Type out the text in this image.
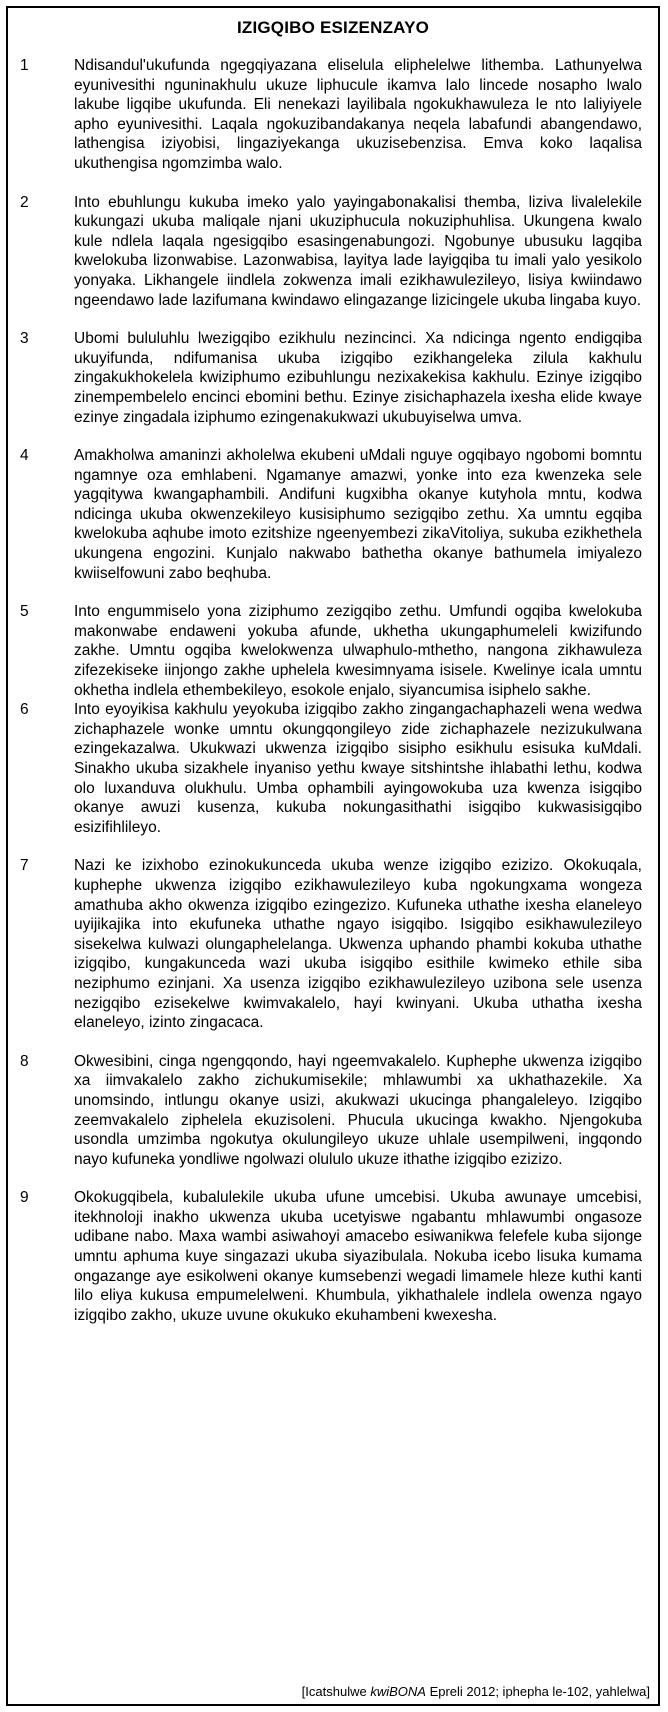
IZIGQIBO ESIZENZAYO
1	Ndisandul'ukufunda ngegqiyazana eliselula eliphelelwe lithemba. Lathunyelwa eyunivesithi nguninakhulu ukuze liphucule ikamva lalo lincede nosapho lwalo lakube ligqibe ukufunda. Eli nenekazi layilibala ngokukhawuleza le nto laliyiyele apho eyunivesithi. Laqala ngokuzibandakanya neqela labafundi abangendawo, lathengisa iziyobisi, lingaziyekanga ukuzisebenzisa. Emva koko laqalisa ukuthengisa ngomzimba walo.
2	Into ebuhlungu kukuba imeko yalo yayingabonakalisi themba, liziva livalelekile kukungazi ukuba maliqale njani ukuziphucula nokuziphuhlisa. Ukungena kwalo kule ndlela laqala ngesigqibo esasingenabungozi. Ngobunye ubusuku lagqiba kwelokuba lizonwabise. Lazonwabisa, layitya lade layigqiba tu imali yalo yesikolo yonyaka. Likhangele iindlela zokwenza imali ezikhawulezileyo, lisiya kwiindawo ngeendawo lade lazifumana kwindawo elingazange lizicingele ukuba lingaba kuyo.
3	Ubomi bululuhlu lwezigqibo ezikhulu nezincinci. Xa ndicinga ngento endigqiba ukuyifunda, ndifumanisa ukuba izigqibo ezikhangeleka zilula kakhulu zingakukhokelela kwiziphumo ezibuhlungu nezixakekisa kakhulu. Ezinye izigqibo zinempembelelo encinci ebomini bethu. Ezinye zisichaphazela ixesha elide kwaye ezinye zingadala iziphumo ezingenakukwazi ukubuyiselwa umva.
4	Amakholwa amaninzi akholelwa ekubeni uMdali nguye ogqibayo ngobomi bomntu ngamnye oza emhlabeni. Ngamanye amazwi, yonke into eza kwenzeka sele yagqitywa kwangaphambili. Andifuni kugxibha okanye kutyhola mntu, kodwa ndicinga ukuba okwenzekileyo kusisiphumo sezigqibo zethu. Xa umntu egqiba kwelokuba aqhube imoto ezitshize ngeenyembezi zikaVitoliya, sukuba ezikhethela ukungena engozini. Kunjalo nakwabo bathetha okanye bathumela imiyalezo kwiiselfowuni zabo beqhuba.
5	Into engummiselo yona ziziphumo zezigqibo zethu. Umfundi ogqiba kwelokuba makonwabe endaweni yokuba afunde, ukhetha ukungaphumeleli kwizifundo zakhe. Umntu ogqiba kwelokwenza ulwaphulo-mthetho, nangona zikhawuleza zifezekiseke iinjongo zakhe uphelela kwesimnyama isisele. Kwelinye icala umntu okhetha indlela ethembekileyo, esokole enjalo, siyancumisa isiphelo sakhe.
6	Into eyoyikisa kakhulu yeyokuba izigqibo zakho zingangachaphazeli wena wedwa zichaphazele wonke umntu okungqongileyo zide zichaphazele nezizukulwana ezingekazalwa. Ukukwazi ukwenza izigqibo sisipho esikhulu esisuka kuMdali. Sinakho ukuba sizakhele inyaniso yethu kwaye sitshintshe ihlabathi lethu, kodwa olo luxanduva olukhulu. Umba ophambili ayingowokuba uza kwenza isigqibo okanye awuzi kusenza, kukuba nokungasithathi isigqibo kukwasisigqibo esizifihlileyo.
7	Nazi ke izixhobo ezinokukunceda ukuba wenze izigqibo ezizizo. Okokuqala, kuphephe ukwenza izigqibo ezikhawulezileyo kuba ngokungxama wongeza amathuba akho okwenza izigqibo ezingezizo. Kufuneka uthathe ixesha elaneleyo uyijikajika into ekufuneka uthathe ngayo isigqibo. Isigqibo esikhawulezileyo sisekelwa kulwazi olungaphelelanga. Ukwenza uphando phambi kokuba uthathe izigqibo, kungakunceda wazi ukuba isigqibo esithile kwimeko ethile siba neziphumo ezinjani. Xa usenza izigqibo ezikhawulezileyo uzibona sele usenza nezigqibo ezisekelwe kwimvakalelo, hayi kwinyani. Ukuba uthatha ixesha elaneleyo, izinto zingacaca.
8	Okwesibini, cinga ngengqondo, hayi ngeemvakalelo. Kuphephe ukwenza izigqibo xa iimvakalelo zakho zichukumisekile; mhlawumbi xa ukhathazekile. Xa unomsindo, intlungu okanye usizi, akukwazi ukucinga phangaleleyo. Izigqibo zeemvakalelo ziphelela ekuzisoleni. Phucula ukucinga kwakho. Njengokuba usondla umzimba ngokutya okulungileyo ukuze uhlale usempilweni, ingqondo nayo kufuneka yondliwe ngolwazi olululo ukuze ithathe izigqibo ezizizo.
9	Okokugqibela, kubalulekile ukuba ufune umcebisi. Ukuba awunaye umcebisi, itekhnoloji inakho ukwenza ukuba ucetyiswe ngabantu mhlawumbi ongasoze udibane nabo. Maxa wambi asiwahoyi amacebo esiwanikwa felefele kuba sijonge umntu aphuma kuye singazazi ukuba siyazibulala. Nokuba icebo lisuka kumama ongazange aye esikolweni okanye kumsebenzi wegadi limamele hleze kuthi kanti lilo eliya kukusa empumelelweni. Khumbula, yikhathalele indlela owenza ngayo izigqibo zakho, ukuze uvune okukuko ekuhambeni kwexesha.
[Icatshulwe kwiBONA Epreli 2012; iphepha le-102, yahlelwa]
